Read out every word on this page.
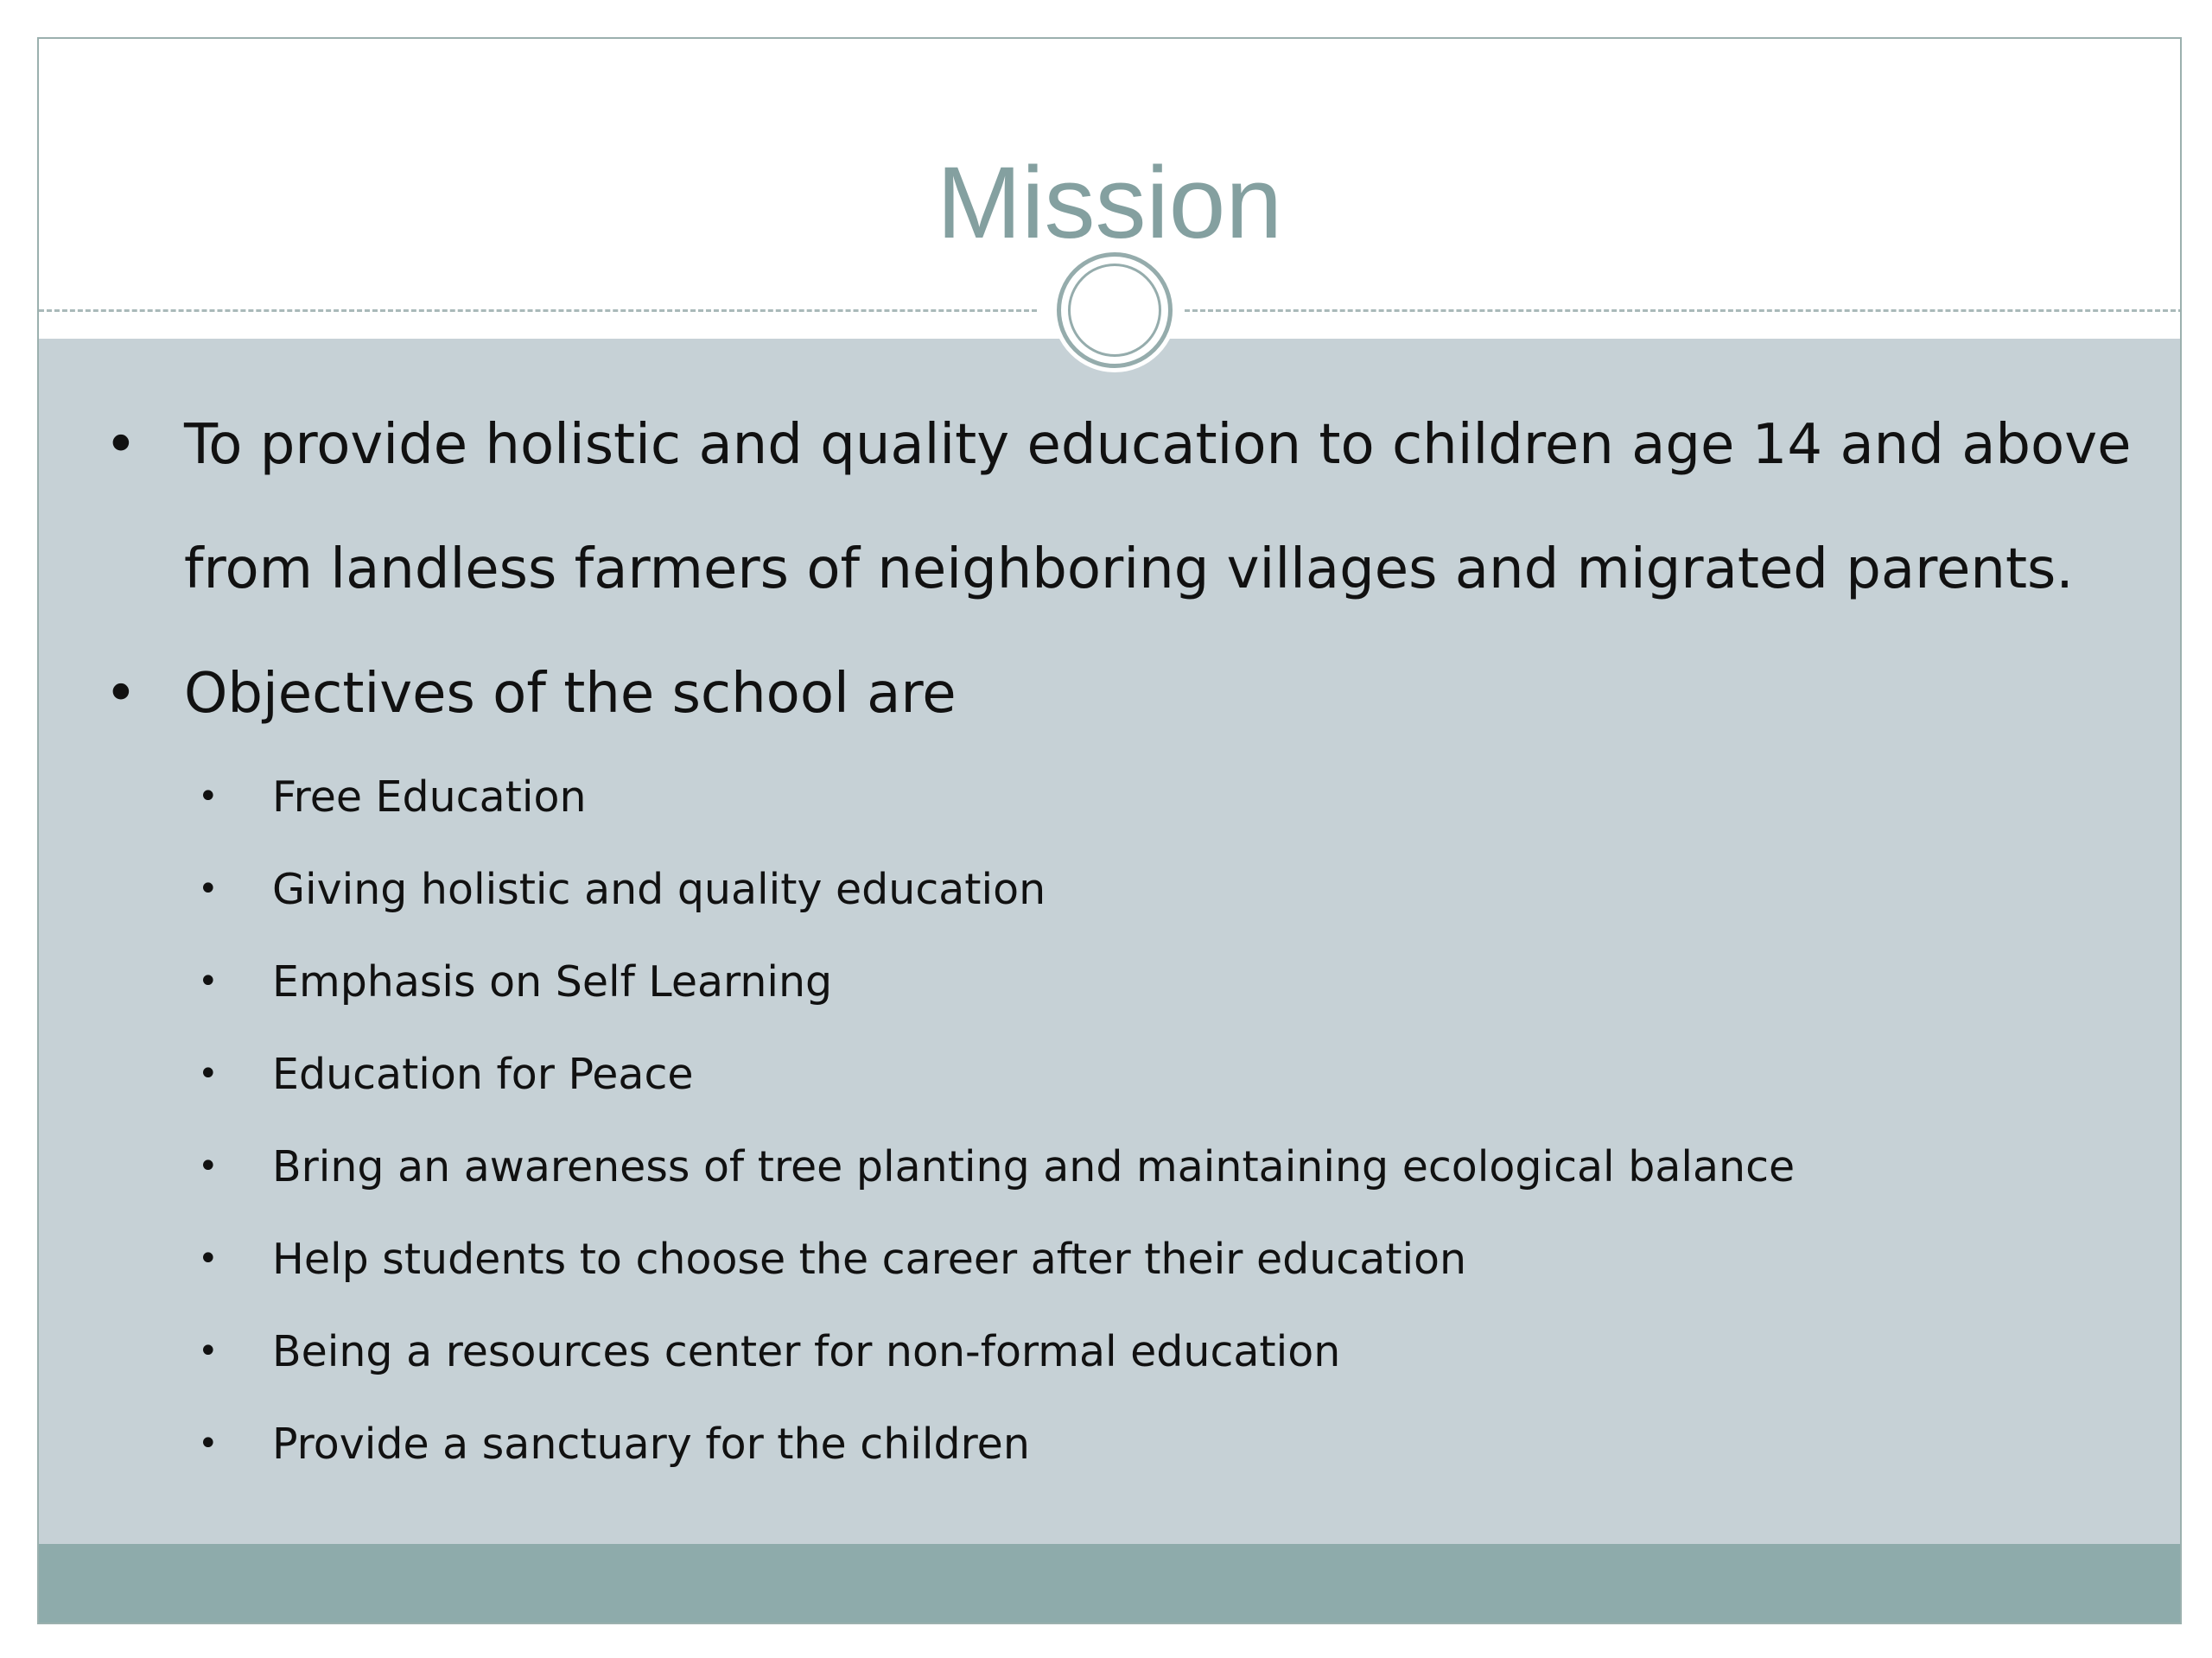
Mission
• To provide holistic and quality education to children age 14 and above from landless farmers of neighboring villages and migrated parents.
• Objectives of the school are
• Free Education
• Giving holistic and quality education
• Emphasis on Self Learning
• Education for Peace
• Bring an awareness of tree planting and maintaining ecological balance
• Help students to choose the career after their education
• Being a resources center for non-formal education
• Provide a sanctuary for the children
